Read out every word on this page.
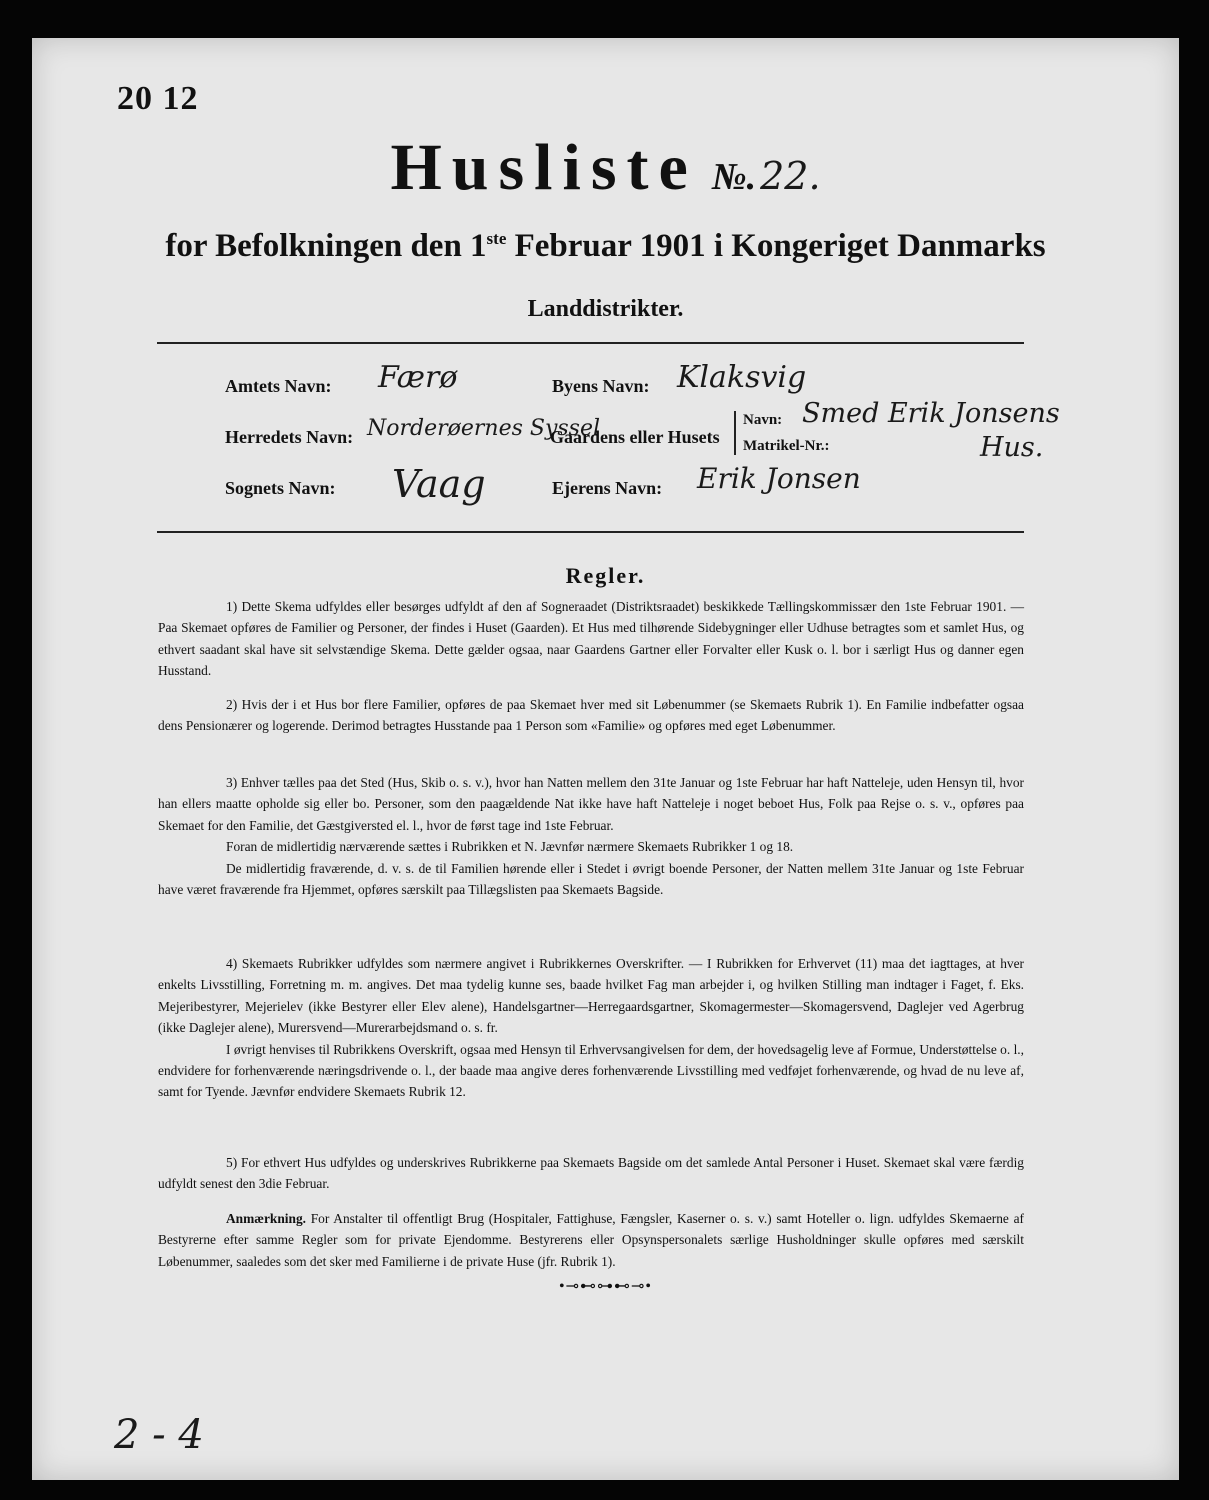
20 12
Husliste №. 22.
for Befolkningen den 1ste Februar 1901 i Kongeriget Danmarks
Landdistrikter.
Amtets Navn: Færø	Byens Navn: Klaksvig
Herredets Navn: Norderøernes Syssel
Gaardens eller Husets
Navn: Smed Erik Jonsens
Matrikel-Nr.:	Hus.
Sognets Navn: Vaag	Ejerens Navn: Erik Jonsen
Regler.

1) Dette Skema udfyldes eller besørges udfyldt af den af Sogneraadet (Distriktsraadet) beskikkede Tællingskommissær den 1ste Februar 1901. — Paa Skemaet opføres de Familier og Personer, der findes i Huset (Gaarden). Et Hus med tilhørende Sidebygninger eller Udhuse betragtes som et samlet Hus, og ethvert saadant skal have sit selvstændige Skema. Dette gælder ogsaa, naar Gaardens Gartner eller Forvalter eller Kusk o. l. bor i særligt Hus og danner egen Husstand.

2) Hvis der i et Hus bor flere Familier, opføres de paa Skemaet hver med sit Løbenummer (se Skemaets Rubrik 1). En Familie indbefatter ogsaa dens Pensionærer og logerende. Derimod betragtes Husstande paa 1 Person som «Familie» og opføres med eget Løbenummer.

3) Enhver tælles paa det Sted (Hus, Skib o. s. v.), hvor han Natten mellem den 31te Januar og 1ste Februar har haft Natteleje, uden Hensyn til, hvor han ellers maatte opholde sig eller bo. Personer, som den paagældende Nat ikke have haft Natteleje i noget beboet Hus, Folk paa Rejse o. s. v., opføres paa Skemaet for den Familie, det Gæstgiversted el. l., hvor de først tage ind 1ste Februar.

Foran de midlertidig nærværende sættes i Rubrikken et N. Jævnfør nærmere Skemaets Rubrikker 1 og 18.

De midlertidig fraværende, d. v. s. de til Familien hørende eller i Stedet i øvrigt boende Personer, der Natten mellem 31te Januar og 1ste Februar have været fraværende fra Hjemmet, opføres særskilt paa Tillægslisten paa Skemaets Bagside.

4) Skemaets Rubrikker udfyldes som nærmere angivet i Rubrikkernes Overskrifter. — I Rubrikken for Erhvervet (11) maa det iagttages, at hver enkelts Livsstilling, Forretning m. m. angives. Det maa tydelig kunne ses, baade hvilket Fag man arbejder i, og hvilken Stilling man indtager i Faget, f. Eks. Mejeribestyrer, Mejerielev (ikke Bestyrer eller Elev alene), Handelsgartner—Herregaardsgartner, Skomagermester—Skomagersvend, Daglejer ved Agerbrug (ikke Daglejer alene), Murersvend—Murerarbejdsmand o. s. fr.

I øvrigt henvises til Rubrikkens Overskrift, ogsaa med Hensyn til Erhvervsangivelsen for dem, der hovedsagelig leve af Formue, Understøttelse o. l., endvidere for forhenværende næringsdrivende o. l., der baade maa angive deres forhenværende Livsstilling med vedføjet forhenværende, og hvad de nu leve af, samt for Tyende. Jævnfør endvidere Skemaets Rubrik 12.

5) For ethvert Hus udfyldes og underskrives Rubrikkerne paa Skemaets Bagside om det samlede Antal Personer i Huset. Skemaet skal være færdig udfyldt senest den 3die Februar.

Anmærkning. For Anstalter til offentligt Brug (Hospitaler, Fattighuse, Fængsler, Kaserner o. s. v.) samt Hoteller o. lign. udfyldes Skemaerne af Bestyrerne efter samme Regler som for private Ejendomme. Bestyrerens eller Opsynspersonalets særlige Husholdninger skulle opføres med særskilt Løbenummer, saaledes som det sker med Familierne i de private Huse (jfr. Rubrik 1).

•⊸⊷⊶⊷⊸•
2 - 4
